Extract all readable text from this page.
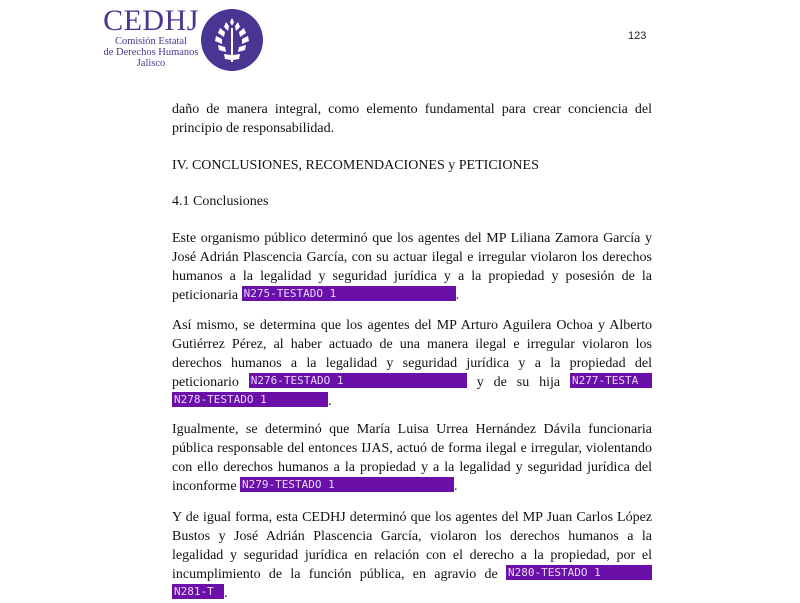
CEDHJ
Comisión Estatal
de Derechos Humanos
Jalisco
123
daño de manera integral, como elemento fundamental para crear conciencia del principio de responsabilidad.
IV. CONCLUSIONES, RECOMENDACIONES y PETICIONES
4.1 Conclusiones
Este organismo público determinó que los agentes del MP Liliana Zamora García y José Adrián Plascencia García, con su actuar ilegal e irregular violaron los derechos humanos a la legalidad y seguridad jurídica y a la propiedad y posesión de la peticionaria N275-TESTADO 1	.
Así mismo, se determina que los agentes del MP Arturo Aguilera Ochoa y Alberto Gutiérrez Pérez, al haber actuado de una manera ilegal e irregular violaron los derechos humanos a la legalidad y seguridad jurídica y a la propiedad del peticionario N276-TESTADO 1	y de su hija N277-TESTA N278-TESTADO 1	.
Igualmente, se determinó que María Luisa Urrea Hernández Dávila funcionaria pública responsable del entonces IJAS, actuó de forma ilegal e irregular, violentando con ello derechos humanos a la propiedad y a la legalidad y seguridad jurídica del inconforme N279-TESTADO 1	.
Y de igual forma, esta CEDHJ determinó que los agentes del MP Juan Carlos López Bustos y José Adrián Plascencia García, violaron los derechos humanos a la legalidad y seguridad jurídica en relación con el derecho a la propiedad, por el incumplimiento de la función pública, en agravio de N280-TESTADO 1 N281-T .
